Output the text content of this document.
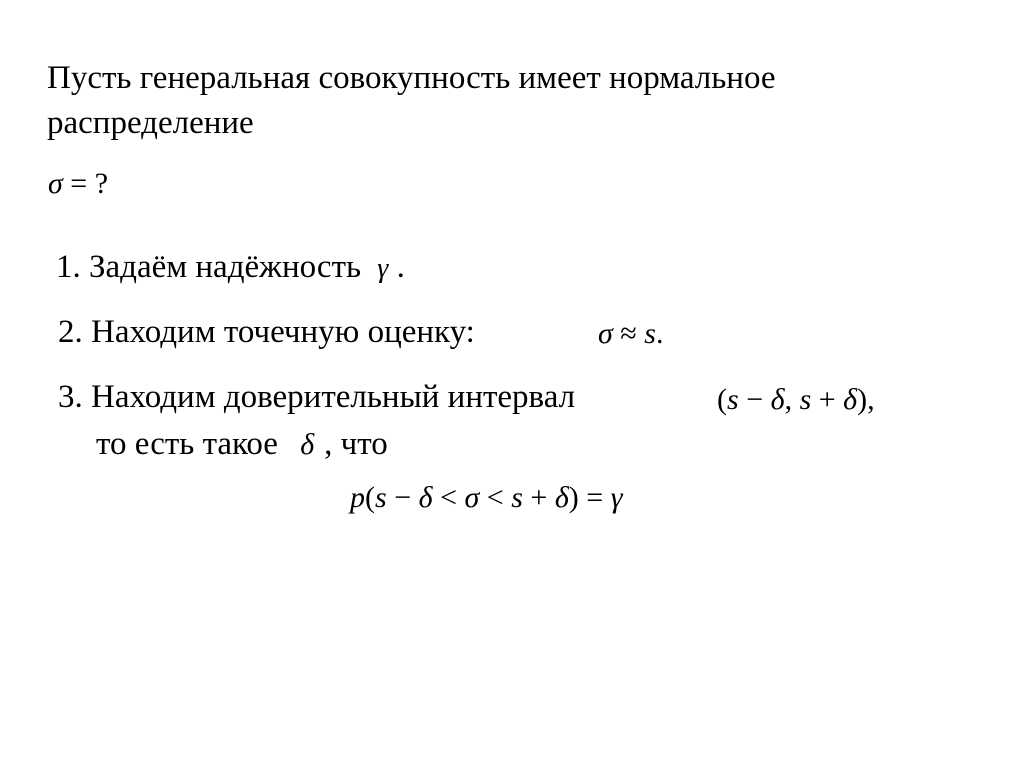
Пусть генеральная совокупность имеет нормальное
распределение
σ = ?
1. Задаём надёжность γ .
2. Находим точечную оценку:	σ ≈ s.
3. Находим доверительный интервал	(s − δ, s + δ),
то есть такое δ , что
p(s − δ < σ < s + δ) = γ
